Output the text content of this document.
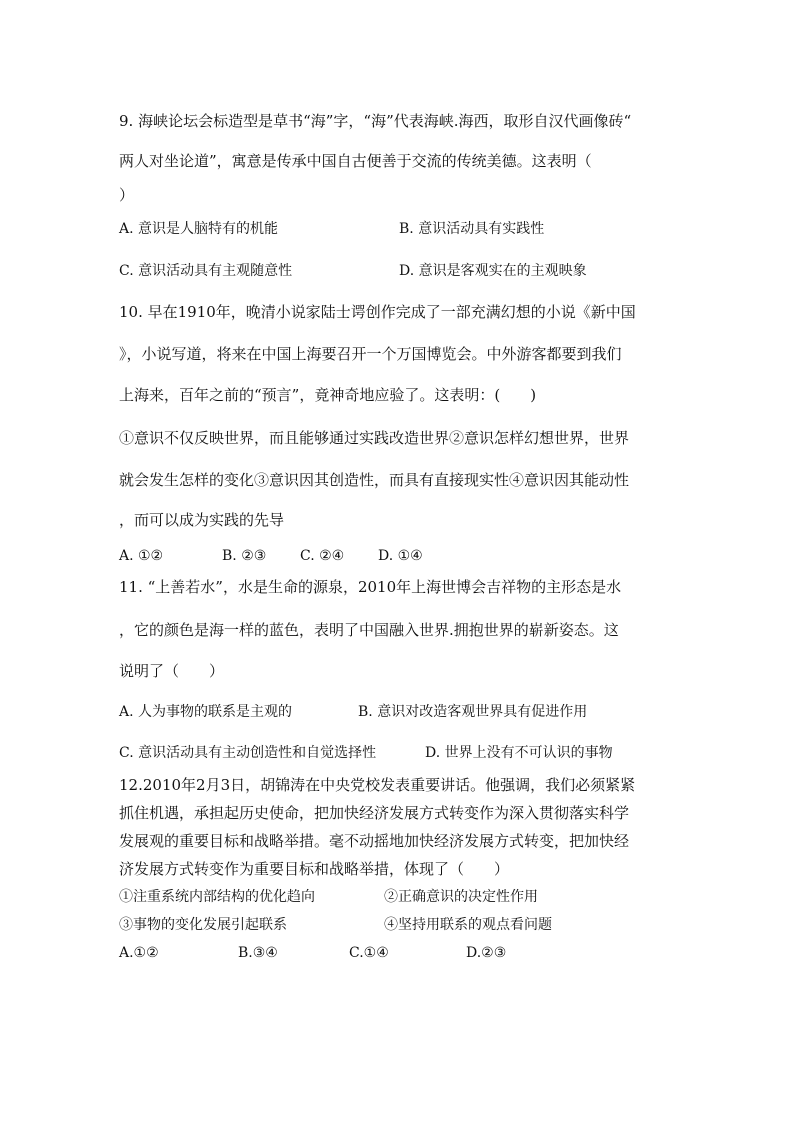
9. 海峡论坛会标造型是草书“海”字，“海”代表海峡.海西，取形自汉代画像砖“
两人对坐论道”，寓意是传承中国自古便善于交流的传统美德。这表明（
）
A. 意识是人脑特有的机能	B. 意识活动具有实践性
C. 意识活动具有主观随意性	D. 意识是客观实在的主观映象
10. 早在1910年，晚清小说家陆士谔创作完成了一部充满幻想的小说《新中国
》，小说写道，将来在中国上海要召开一个万国博览会。中外游客都要到我们
上海来，百年之前的“预言”，竟神奇地应验了。这表明：(　　)
①意识不仅反映世界，而且能够通过实践改造世界②意识怎样幻想世界，世界
就会发生怎样的变化③意识因其创造性，而具有直接现实性④意识因其能动性
，而可以成为实践的先导
A. ①②	B. ②③ C. ②④ D. ①④
11. “上善若水”，水是生命的源泉，2010年上海世博会吉祥物的主形态是水
，它的颜色是海一样的蓝色，表明了中国融入世界.拥抱世界的崭新姿态。这
说明了（　　）
A. 人为事物的联系是主观的	B. 意识对改造客观世界具有促进作用
C. 意识活动具有主动创造性和自觉选择性	D. 世界上没有不可认识的事物
12.2010年2月3日，胡锦涛在中央党校发表重要讲话。他强调，我们必须紧紧
抓住机遇，承担起历史使命，把加快经济发展方式转变作为深入贯彻落实科学
发展观的重要目标和战略举措。毫不动摇地加快经济发展方式转变，把加快经
济发展方式转变作为重要目标和战略举措，体现了（　　）
①注重系统内部结构的优化趋向	②正确意识的决定性作用
③事物的变化发展引起联系	④坚持用联系的观点看问题
A.①②	B.③④	C.①④	D.②③
